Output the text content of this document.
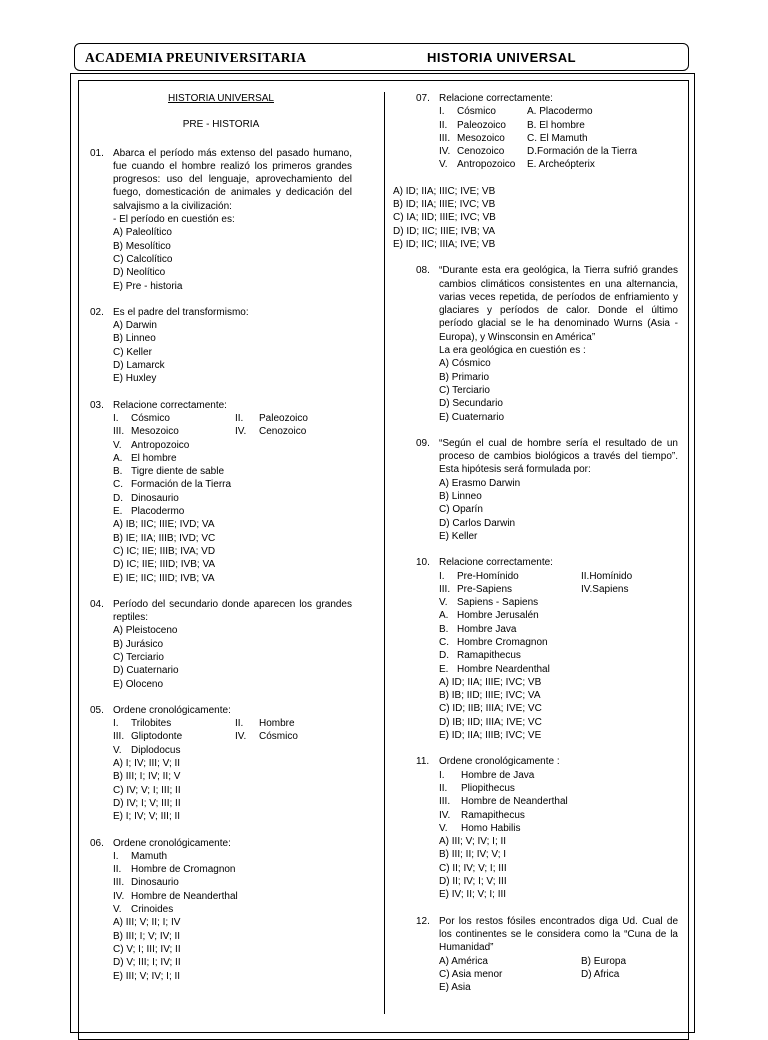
ACADEMIA PREUNIVERSITARIA	HISTORIA UNIVERSAL
HISTORIA UNIVERSAL
PRE - HISTORIA
01. Abarca el período más extenso del pasado humano, fue cuando el hombre realizó los primeros grandes progresos: uso del lenguaje, aprovechamiento del fuego, domesticación de animales y dedicación del salvajismo a la civilización:
- El período en cuestión es:
A) Paleolítico
B) Mesolítico
C) Calcolítico
D) Neolítico
E) Pre - historia
02. Es el padre del transformismo:
A) Darwin
B) Linneo
C) Keller
D) Lamarck
E) Huxley
03. Relacione correctamente:
I.	Cósmico	II.	Paleozoico
III. Mesozoico	IV.	Cenozoico
V. Antropozoico
A. El hombre
B. Tigre diente de sable
C. Formación de la Tierra
D. Dinosaurio
E. Placodermo
A) IB; IIC; IIIE; IVD; VA
B) IE; IIA; IIIB; IVD; VC
C) IC; IIE; IIIB; IVA; VD
D) IC; IIE; IIID; IVB; VA
E) IE; IIC; IIID; IVB; VA
04. Período del secundario donde aparecen los grandes reptiles:
A) Pleistoceno
B) Jurásico
C) Terciario
D) Cuaternario
E) Oloceno
05. Ordene cronológicamente:
I.	Trilobites	II.	Hombre
III. Gliptodonte	IV.	Cósmico
V. Diplodocus
A) I; IV; III; V; II
B) III; I; IV; II; V
C) IV; V; I; III; II
D) IV; I; V; III; II
E) I; IV; V; III; II
06. Ordene cronológicamente:
I.	Mamuth
II. Hombre de Cromagnon
III. Dinosaurio
IV. Hombre de Neanderthal
V. Crinoides
A) III; V; II; I; IV
B) III; I; V; IV; II
C) V; I; III; IV; II
D) V; III; I; IV; II
E) III; V; IV; I; II
07. Relacione correctamente:
I.	Cósmico	A. Placodermo
II. Paleozoico	B. El hombre
III. Mesozoico	C. El Mamuth
IV. Cenozoico	D.Formación de la Tierra
V. Antropozoico	E. Archeópterix
A) ID; IIA; IIIC; IVE; VB
B) ID; IIA; IIIE; IVC; VB
C) IA; IID; IIIE; IVC; VB
D) ID; IIC; IIIE; IVB; VA
E) ID; IIC; IIIA; IVE; VB
08. “Durante esta era geológica, la Tierra sufrió grandes cambios climáticos consistentes en una alternancia, varias veces repetida, de períodos de enfriamiento y glaciares y períodos de calor. Donde el último período glacial se le ha denominado Wurns (Asia - Europa), y Winsconsin en América”
La era geológica en cuestión es :
A) Cósmico
B) Primario
C) Terciario
D) Secundario
E) Cuaternario
09. “Según el cual de hombre sería el resultado de un proceso de cambios biológicos a través del tiempo”. Esta hipótesis será formulada por:
A) Erasmo Darwin
B) Linneo
C) Oparín
D) Carlos Darwin
E) Keller
10. Relacione correctamente:
I.	Pre-Homínido	II.Homínido
III. Pre-Sapiens	IV.Sapiens
V. Sapiens - Sapiens
A. Hombre Jerusalén
B. Hombre Java
C. Hombre Cromagnon
D. Ramapithecus
E. Hombre Neardenthal
A) ID; IIA; IIIE; IVC; VB
B) IB; IID; IIIE; IVC; VA
C) ID; IIB; IIIA; IVE; VC
D) IB; IID; IIIA; IVE; VC
E) ID; IIA; IIIB; IVC; VE
11. Ordene cronológicamente :
I.	Hombre de Java
II.	Pliopithecus
III.	Hombre de Neanderthal
IV.	Ramapithecus
V.	Homo Habilis
A) III; V; IV; I; II
B) III; II; IV; V; I
C) II; IV; V; I; III
D) II; IV; I; V; III
E) IV; II; V; I; III
12. Por los restos fósiles encontrados diga Ud. Cual de los continentes se le considera como la “Cuna de la Humanidad”
A) América	B) Europa
C) Asia menor	D) Africa
E) Asia
